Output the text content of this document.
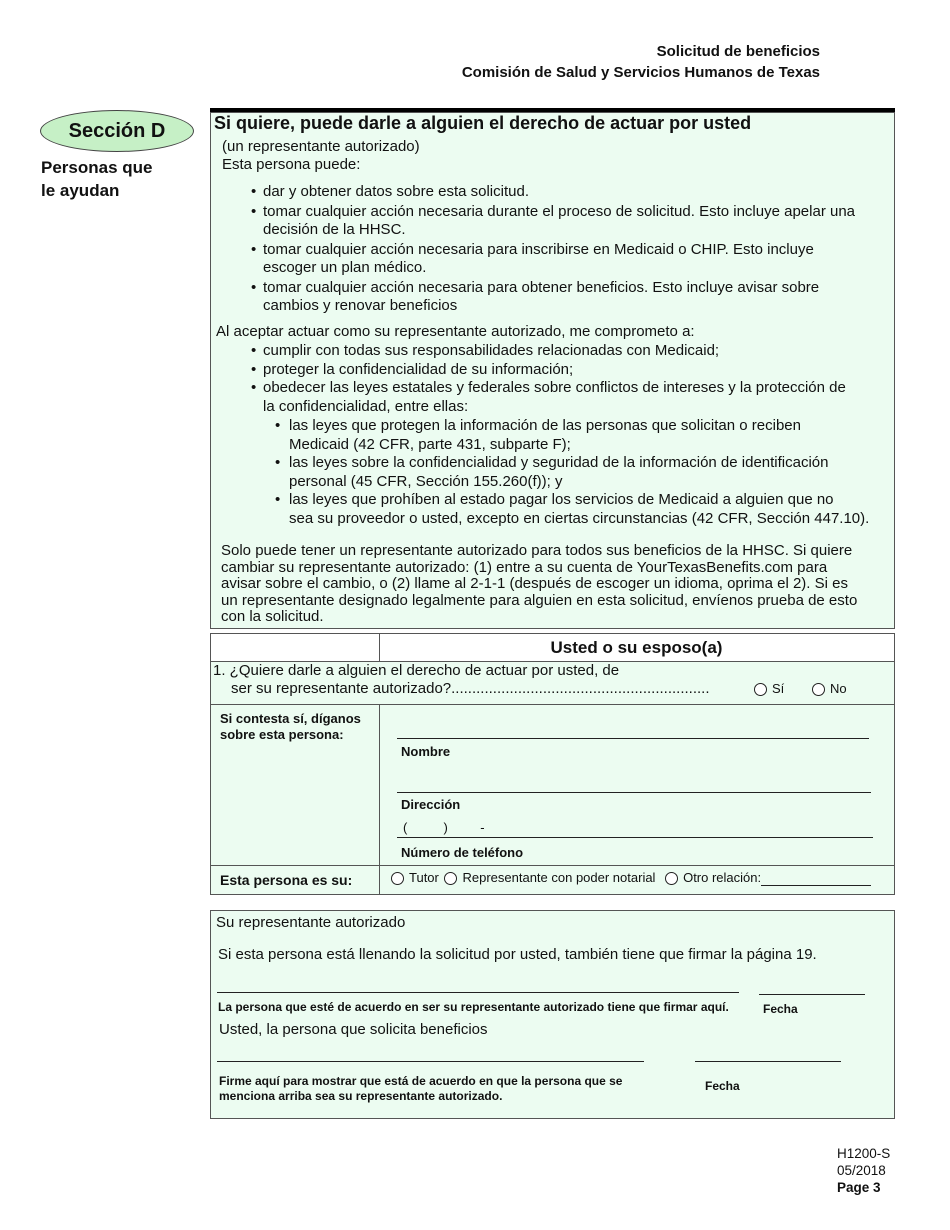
Solicitud de beneficios
Comisión de Salud y Servicios Humanos de Texas
Sección D
Personas que
le ayudan
Si quiere, puede darle a alguien el derecho de actuar por usted
(un representante autorizado)
Esta persona puede:
• dar y obtener datos sobre esta solicitud.
• tomar cualquier acción necesaria durante el proceso de solicitud. Esto incluye apelar una
decisión de la HHSC.
• tomar cualquier acción necesaria para inscribirse en Medicaid o CHIP. Esto incluye
escoger un plan médico.
• tomar cualquier acción necesaria para obtener beneficios. Esto incluye avisar sobre
cambios y renovar beneficios
Al aceptar actuar como su representante autorizado, me comprometo a:
• cumplir con todas sus responsabilidades relacionadas con Medicaid;
• proteger la confidencialidad de su información;
• obedecer las leyes estatales y federales sobre conflictos de intereses y la protección de
la confidencialidad, entre ellas:
• las leyes que protegen la información de las personas que solicitan o reciben
Medicaid (42 CFR, parte 431, subparte F);
• las leyes sobre la confidencialidad y seguridad de la información de identificación
personal (45 CFR, Sección 155.260(f)); y
• las leyes que prohíben al estado pagar los servicios de Medicaid a alguien que no
sea su proveedor o usted, excepto en ciertas circunstancias (42 CFR, Sección 447.10).
Solo puede tener un representante autorizado para todos sus beneficios de la HHSC. Si quiere
cambiar su representante autorizado: (1) entre a su cuenta de YourTexasBenefits.com para
avisar sobre el cambio, o (2) llame al 2-1-1 (después de escoger un idioma, oprima el 2). Si es
un representante designado legalmente para alguien en esta solicitud, envíenos prueba de esto
con la solicitud.
Usted o su esposo(a)
1. ¿Quiere darle a alguien el derecho de actuar por usted, de
ser su representante autorizado?..............................................................	Sí	No
Si contesta sí, díganos
sobre esta persona:
Nombre
Dirección
(          )         -
Número de teléfono
Esta persona es su:	Tutor Representante con poder notarial Otro relación:
Su representante autorizado
Si esta persona está llenando la solicitud por usted, también tiene que firmar la página 19.
La persona que esté de acuerdo en ser su representante autorizado tiene que firmar aquí.	Fecha
Usted, la persona que solicita beneficios
Firme aquí para mostrar que está de acuerdo en que la persona que se
menciona arriba sea su representante autorizado.
Fecha
H1200-S
05/2018
Page 3
